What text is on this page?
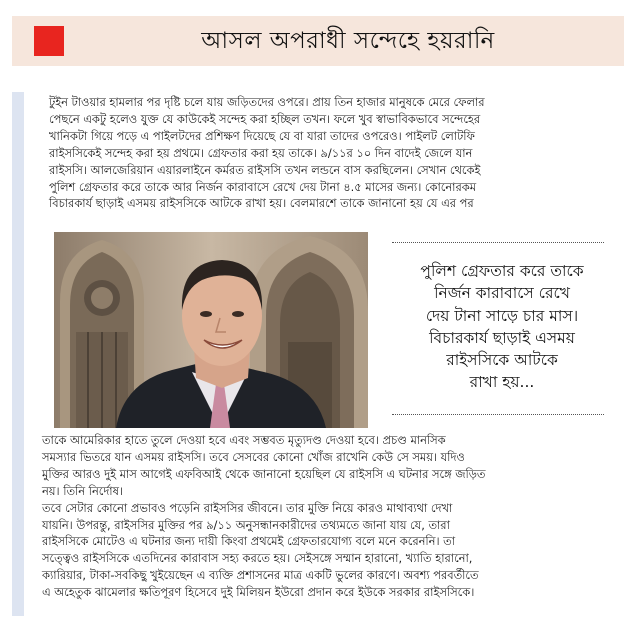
আসল অপরাধী সন্দেহে হয়রানি
টুইন টাওয়ার হামলার পর দৃষ্টি চলে যায় জড়িতদের ওপরে। প্রায় তিন হাজার মানুষকে মেরে ফেলার
পেছনে একটু হলেও যুক্ত যে কাউকেই সন্দেহ করা হচ্ছিল তখন। ফলে খুব স্বাভাবিকভাবে সন্দেহের
খানিকটা গিয়ে পড়ে এ পাইলটদের প্রশিক্ষণ দিয়েছে যে বা যারা তাদের ওপরেও। পাইলট লোটফি
রাইসসিকেই সন্দেহ করা হয় প্রথমে। গ্রেফতার করা হয় তাকে। ৯/১১র ১০ দিন বাদেই জেলে যান
রাইসসি। আলজেরিয়ান এয়ারলাইনে কর্মরত রাইসসি তখন লন্ডনে বাস করছিলেন। সেখান থেকেই
পুলিশ গ্রেফতার করে তাকে আর নির্জন কারাবাসে রেখে দেয় টানা ৪.৫ মাসের জন্য। কোনোরকম
বিচারকার্য ছাড়াই এসময় রাইসসিকে আটকে রাখা হয়। বেলমারশে তাকে জানানো হয় যে এর পর
পুলিশ গ্রেফতার করে তাকে
নির্জন কারাবাসে রেখে
দেয় টানা সাড়ে চার মাস।
বিচারকার্য ছাড়াই এসময়
রাইসসিকে আটকে
রাখা হয়...
তাকে আমেরিকার হাতে তুলে দেওয়া হবে এবং সম্ভবত মৃত্যুদণ্ড দেওয়া হবে। প্রচণ্ড মানসিক
সমস্যার ভিতরে যান এসময় রাইসসি। তবে সেসবের কোনো খোঁজ রাখেনি কেউ সে সময়। যদিও
মুক্তির আরও দুই মাস আগেই এফবিআই থেকে জানানো হয়েছিল যে রাইসসি এ ঘটনার সঙ্গে জড়িত
নয়। তিনি নির্দোষ।
তবে সেটার কোনো প্রভাবও পড়েনি রাইসসির জীবনে। তার মুক্তি নিয়ে কারও মাথাব্যথা দেখা
যায়নি। উপরন্তু, রাইসসির মুক্তির পর ৯/১১ অনুসন্ধানকারীদের তথ্যমতে জানা যায় যে, তারা
রাইসসিকে মোটেও এ ঘটনার জন্য দায়ী কিংবা প্রথমেই গ্রেফতারযোগ্য বলে মনে করেননি। তা
সত্ত্বেও রাইসসিকে এতদিনের কারাবাস সহ্য করতে হয়। সেইসঙ্গে সম্মান হারানো, খ্যাতি হারানো,
ক্যারিয়ার, টাকা-সবকিছু খুইয়েছেন এ ব্যক্তি প্রশাসনের মাত্র একটি ভুলের কারণে। অবশ্য পরবর্তীতে
এ অহেতুক ঝামেলার ক্ষতিপূরণ হিসেবে দুই মিলিয়ন ইউরো প্রদান করে ইউকে সরকার রাইসসিকে।
